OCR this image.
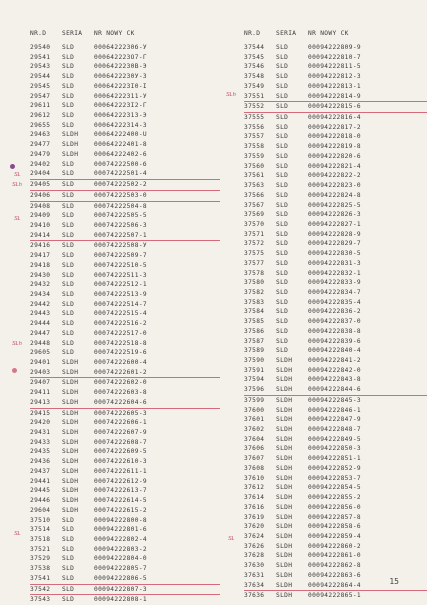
NR.D	SERIA	NR NOWY CK
29540	SLD	0006422230б-У
29541	SLD	000642223О7-Г
29543	SLD	0006422230В-Э
29544	SLD	0006422230У-3
29545	SLD	000642223I0-I
29547	SLD	00064222311-У
29611	SLD	000642223I2-Г
29612	SLD	00064222313-Э
29655	SLD	00064222314-3
29463	SLDH	00064222400-U
29477	SLDH	00064222401-8
29479	SLDH	00064222402-6
29402	SLD	00074222500-б
29404	SLD	00074222501-4
29405	SLD	00074222502-2
29406	SLD	00074222503-0
29408	SLD	00074222504-8
29409	SLD	00074222505-5
29410	SLD	00074222506-3
29414	SLD	00074222507-1
29416	SLD	00074222508-У
29417	SLD	00074222509-7
29418	SLD	00074222510-5
29430	SLD	00074222511-3
29432	SLD	00074222512-1
29434	SLD	00074222513-9
29442	SLD	00074222514-7
29443	SLD	00074222515-4
29444	SLD	00074222516-2
29447	SLD	00074222517-0
29448	SLD	00074222518-8
29605	SLD	00074222519-6
29401	SLDH	00074222600-4
29403	SLDH	00074222601-2
29407	SLDH	00074222602-0
29411	SLDH	00074222603-8
29413	SLDH	00074222604-6
29415	SLDH	00074222605-3
29420	SLDH	00074222606-1
29431	SLDH	00074222607-9
29433	SLDH	00074222608-7
29435	SLDH	00074222609-5
29436	SLDH	00074222610-3
29437	SLDH	00074222611-1
29441	SLDH	00074222612-9
29445	SLDH	00074222613-7
29446	SLDH	00074222614-5
29604	SLDH	00074222615-2
37510	SLD	00094222800-8
37514	SLD	00094222801-6
37518	SLD	00094222802-4
37521	SLD	00094222803-2
37529	SLD	00094222804-0
37538	SLD	00094222805-7
37541	SLD	00094222806-5
37542	SLD	00094222807-3
37543	SLD	00094222808-1
NR.D	SERIA	NR NOWY CK
37544	SLD	00094222809-9
37545	SLD	00094222810-7
37546	SLD	00094222811-5
37548	SLD	00094222812-3
37549	SLD	00094222813-1
37551	SLD	00094222814-9
37552	SLD	00094222815-6
37555	SLD	00094222816-4
37556	SLD	00094222817-2
37557	SLD	00094222818-0
37558	SLD	00094222819-8
37559	SLD	00094222820-6
37560	SLD	00094222821-4
37561	SLD	00094222822-2
37563	SLD	00094222823-0
37566	SLD	00094222824-8
37567	SLD	00094222825-5
37569	SLD	00094222826-3
37570	SLD	00094222827-1
37571	SLD	00094222828-9
37572	SLD	00094222829-7
37575	SLD	00094222830-5
37577	SLD	00094222831-3
37578	SLD	00094222832-1
37580	SLD	00094222833-9
37582	SLD	00094222834-7
37583	SLD	00094222835-4
37584	SLD	00094222836-2
37585	SLD	00094222837-0
37586	SLD	00094222838-8
37587	SLD	00094222839-6
37589	SLD	00094222840-4
37590	SLDH	00094222841-2
37591	SLDH	00094222842-0
37594	SLDH	00094222843-8
37596	SLDH	00094222844-6
37599	SLDH	00094222845-3
37600	SLDH	00094222846-1
37601	SLDH	00094222847-9
37602	SLDH	00094222848-7
37604	SLDH	00094222849-5
37606	SLDH	00094222850-3
37607	SLDH	00094222851-1
37608	SLDH	00094222852-9
37610	SLDH	00094222853-7
37612	SLDH	00094222854-5
37614	SLDH	00094222855-2
37616	SLDH	00094222856-0
37619	SLDH	00094222857-8
37620	SLDH	00094222858-6
37624	SLDH	00094222859-4
37626	SLDH	00094222860-2
37628	SLDH	00094222861-0
37630	SLDH	00094222862-8
37631	SLDH	00094222863-6
37634	SLDH	00094222864-4
37636	SLDH	00094222865-1
SLh
SL
SLh
SL
SLh
SL
SL
15
